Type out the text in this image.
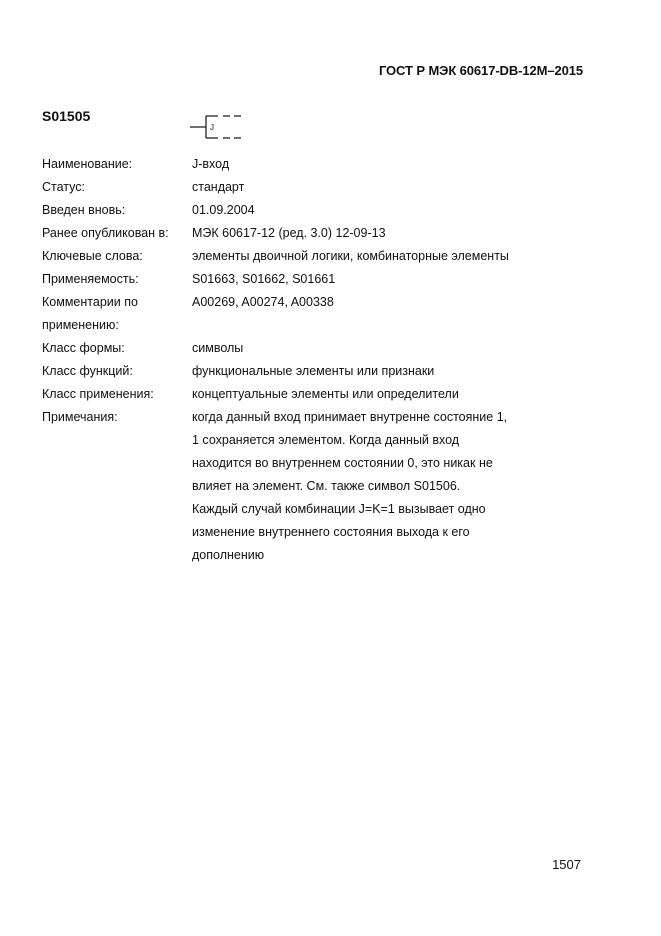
ГОСТ Р МЭК 60617-DB-12M–2015
S01505
J
Наименование:	J-вход
Статус:	стандарт
Введен вновь:	01.09.2004
Ранее опубликован в:	МЭК 60617-12 (ред. 3.0) 12-09-13
Ключевые слова:	элементы двоичной логики, комбинаторные элементы
Применяемость:	S01663, S01662, S01661
Комментарии по применению:
A00269, A00274, A00338

Класс формы:	символы
Класс функций:	функциональные элементы или признаки
Класс применения:	концептуальные элементы или определители
Примечания:	когда данный вход принимает внутренне состояние 1,
1 сохраняется элементом. Когда данный вход
находится во внутреннем состоянии 0, это никак не
влияет на элемент. См. также символ S01506.
Каждый случай комбинации J=K=1 вызывает одно
изменение внутреннего состояния выхода к его
дополнению
1507
